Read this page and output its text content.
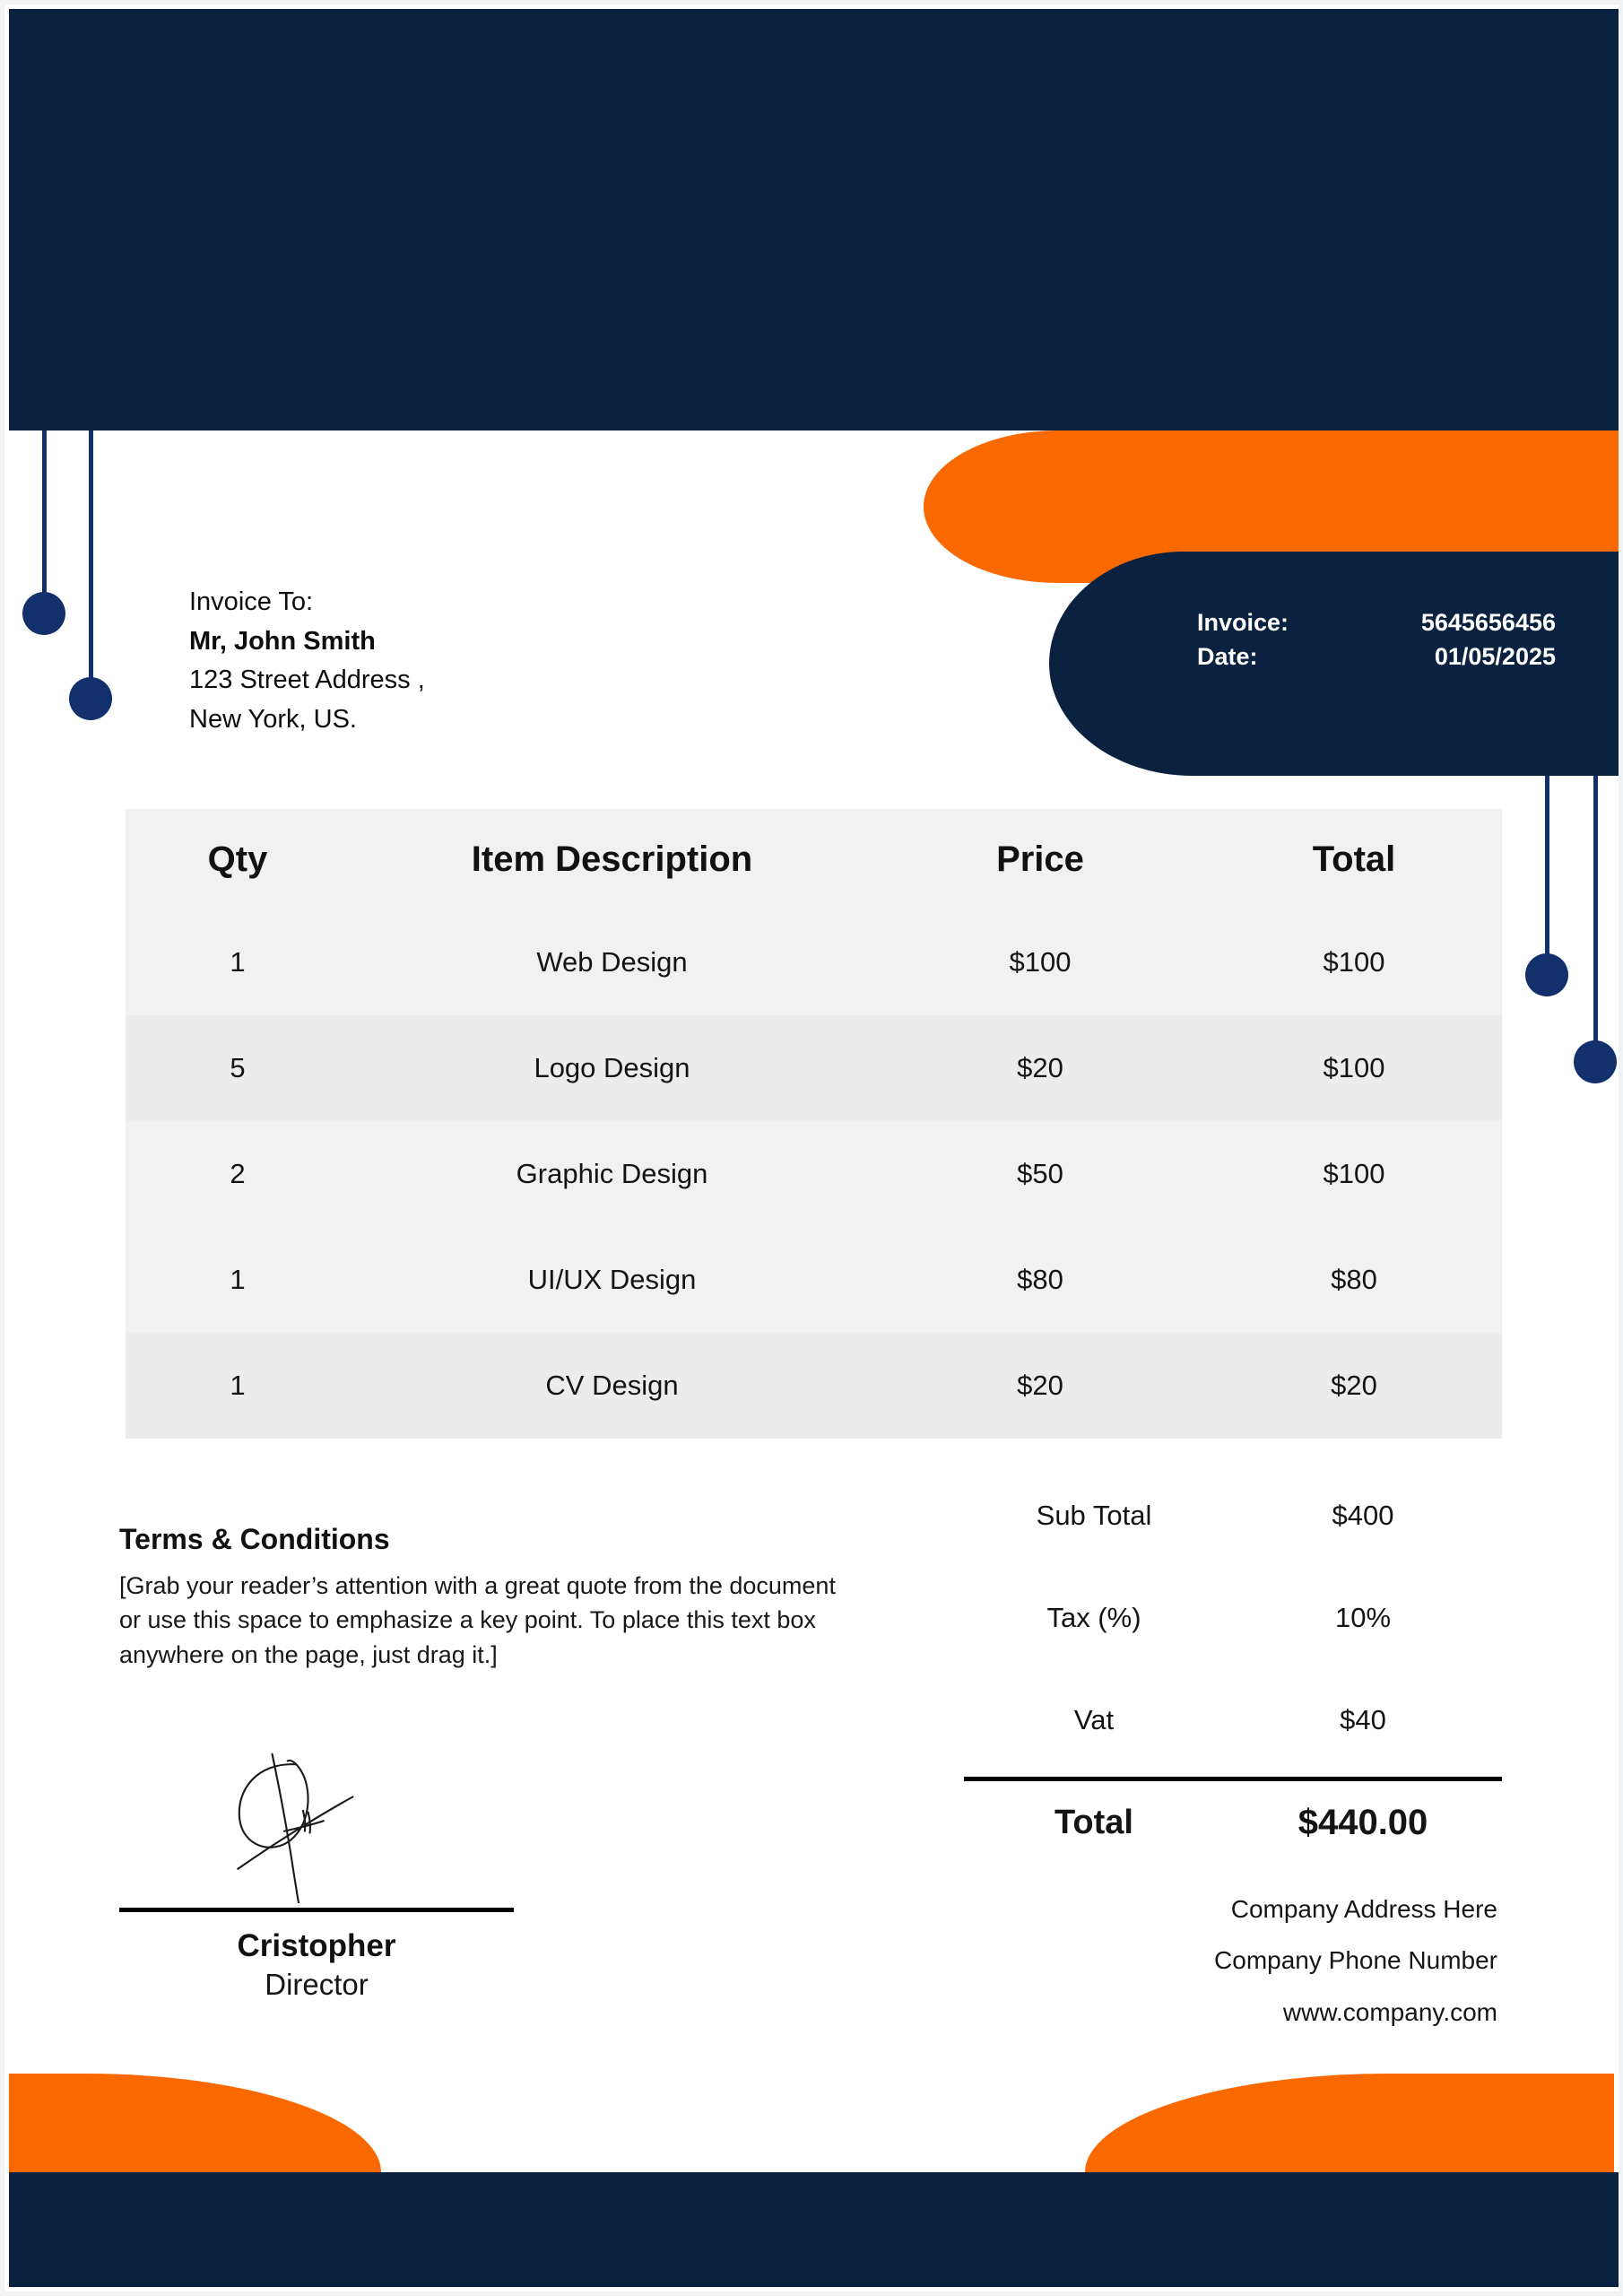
Invoice:	5645656456
Date:	01/05/2025
Invoice To:
Mr, John Smith
123 Street Address ,
New York, US.
Qty	Item Description	Price	Total
1	Web Design	$100	$100
5	Logo Design	$20	$100
2	Graphic Design	$50	$100
1	UI/UX Design	$80	$80
1	CV Design	$20	$20
Sub Total	$400
Tax (%)	10%
Vat	$40
Total	$440.00
Terms & Conditions
[Grab your reader’s attention with a great quote from the document or use this space to emphasize a key point. To place this text box anywhere on the page, just drag it.]
Cristopher
Director
Company Address Here
Company Phone Number
www.company.com
